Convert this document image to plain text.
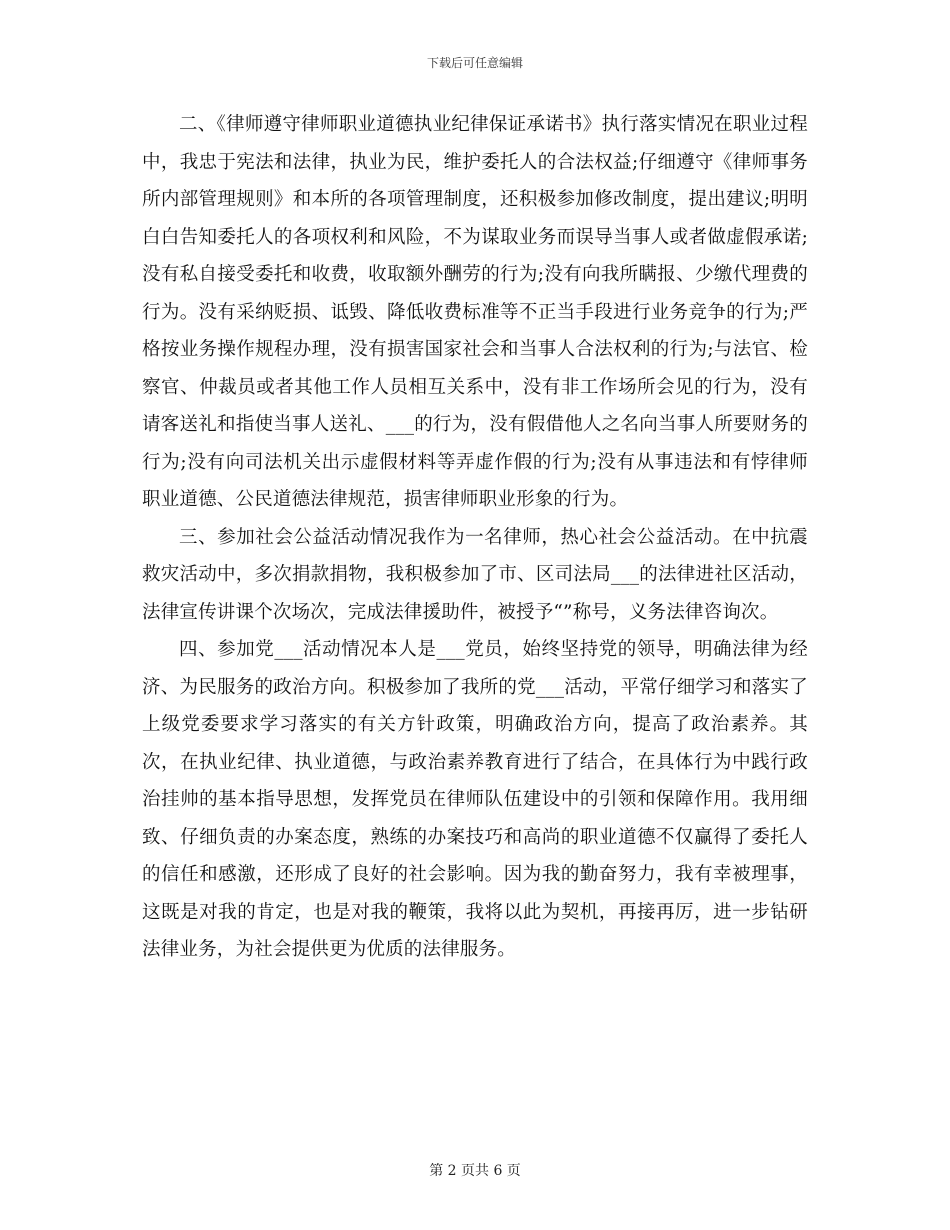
下载后可任意编辑

二、《律师遵守律师职业道德执业纪律保证承诺书》执行落实情况在职业过程中，我忠于宪法和法律，执业为民，维护委托人的合法权益;仔细遵守《律师事务所内部管理规则》和本所的各项管理制度，还积极参加修改制度，提出建议;明明白白告知委托人的各项权利和风险，不为谋取业务而误导当事人或者做虚假承诺;没有私自接受委托和收费，收取额外酬劳的行为;没有向我所瞒报、少缴代理费的行为。没有采纳贬损、诋毁、降低收费标准等不正当手段进行业务竞争的行为;严格按业务操作规程办理，没有损害国家社会和当事人合法权利的行为;与法官、检察官、仲裁员或者其他工作人员相互关系中，没有非工作场所会见的行为，没有请客送礼和指使当事人送礼、___的行为，没有假借他人之名向当事人所要财务的行为;没有向司法机关出示虚假材料等弄虚作假的行为;没有从事违法和有悖律师职业道德、公民道德法律规范，损害律师职业形象的行为。

三、参加社会公益活动情况我作为一名律师，热心社会公益活动。在中抗震救灾活动中，多次捐款捐物，我积极参加了市、区司法局___的法律进社区活动，法律宣传讲课个次场次，完成法律援助件，被授予“”称号，义务法律咨询次。

四、参加党___活动情况本人是___党员，始终坚持党的领导，明确法律为经济、为民服务的政治方向。积极参加了我所的党___活动，平常仔细学习和落实了上级党委要求学习落实的有关方针政策，明确政治方向，提高了政治素养。其次，在执业纪律、执业道德，与政治素养教育进行了结合，在具体行为中践行政治挂帅的基本指导思想，发挥党员在律师队伍建设中的引领和保障作用。我用细致、仔细负责的办案态度，熟练的办案技巧和高尚的职业道德不仅赢得了委托人的信任和感激，还形成了良好的社会影响。因为我的勤奋努力，我有幸被理事，这既是对我的肯定，也是对我的鞭策，我将以此为契机，再接再厉，进一步钻研法律业务，为社会提供更为优质的法律服务。

第 2 页共 6 页
